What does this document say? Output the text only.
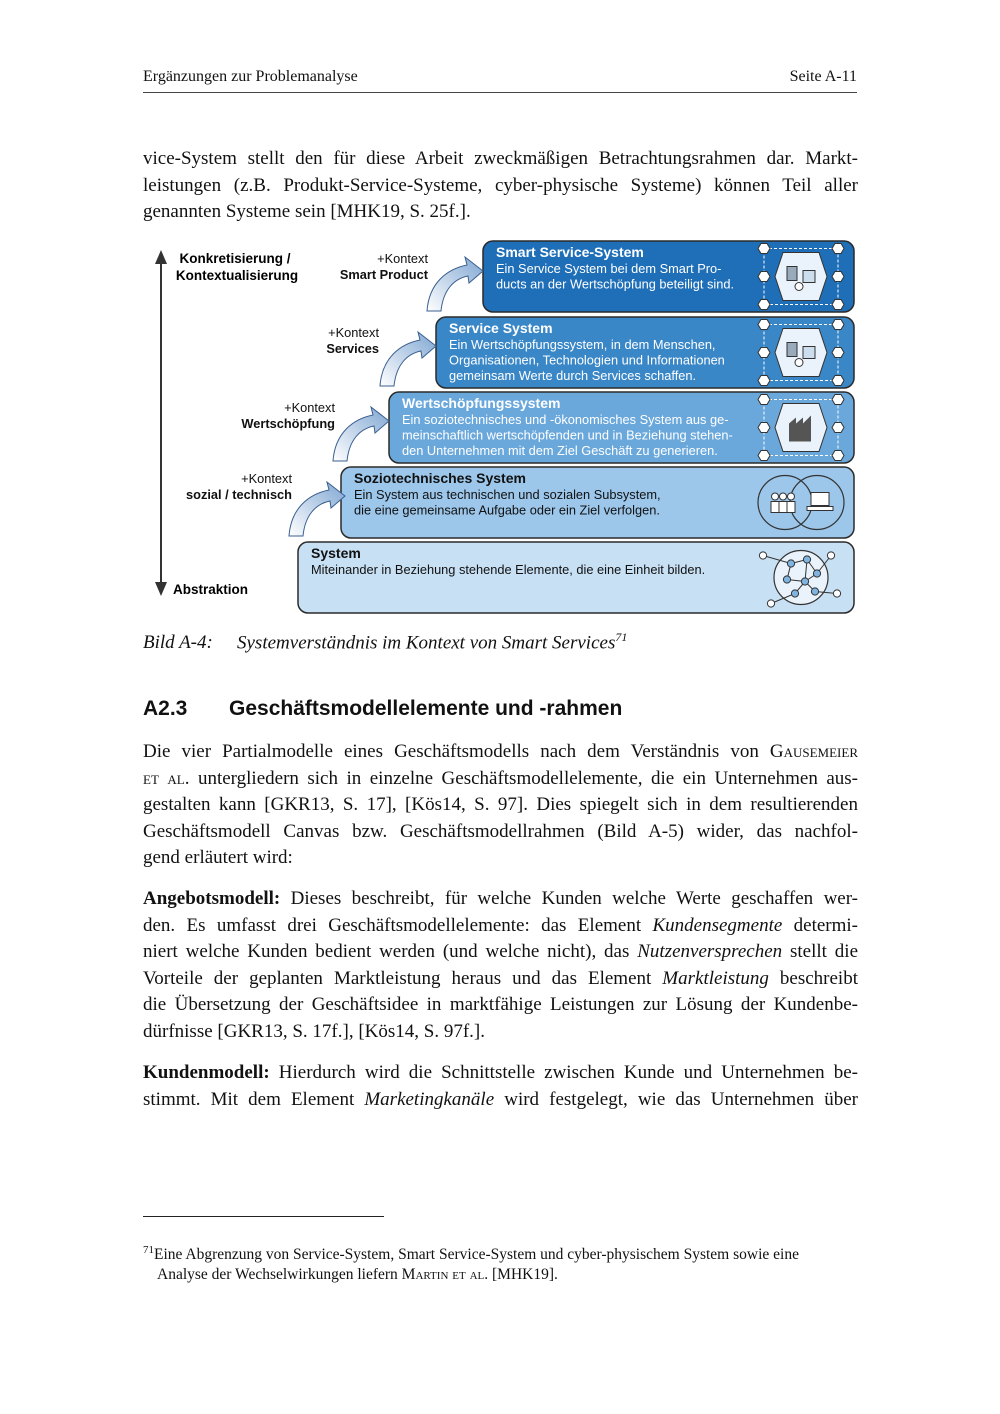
Ergänzungen zur Problemanalyse	Seite A-11
vice-System stellt den für diese Arbeit zweckmäßigen Betrachtungsrahmen dar. Markt-
leistungen (z.B. Produkt-Service-Systeme, cyber-physische Systeme) können Teil aller
genannten Systeme sein [MHK19, S. 25f.].
Konkretisierung /
Kontextualisierung
Abstraktion
Smart Service-System
Ein Service System bei dem Smart Pro-
ducts an der Wertschöpfung beteiligt sind.
+Kontext
Smart Product
Service System
Ein Wertschöpfungssystem, in dem Menschen,
Organisationen, Technologien und Informationen
gemeinsam Werte durch Services schaffen.
+Kontext
Services
Wertschöpfungssystem
Ein soziotechnisches und -ökonomisches System aus ge-
meinschaftlich wertschöpfenden und in Beziehung stehen-
den Unternehmen mit dem Ziel Geschäft zu generieren.
+Kontext
Wertschöpfung
Soziotechnisches System
Ein System aus technischen und sozialen Subsystem,
die eine gemeinsame Aufgabe oder ein Ziel verfolgen.
+Kontext
sozial / technisch
System
Miteinander in Beziehung stehende Elemente, die eine Einheit bilden.
Bild A-4: Systemverständnis im Kontext von Smart Services$^{71}$
A2.3 Geschäftsmodellelemente und -rahmen
Die vier Partialmodelle eines Geschäftsmodells nach dem Verständnis von Gausemeier
et al. untergliedern sich in einzelne Geschäftsmodellelemente, die ein Unternehmen aus-
gestalten kann [GKR13, S. 17], [Kös14, S. 97]. Dies spiegelt sich in dem resultierenden
Geschäftsmodell Canvas bzw. Geschäftsmodellrahmen (Bild A-5) wider, das nachfol-
gend erläutert wird:
Angebotsmodell: Dieses beschreibt, für welche Kunden welche Werte geschaffen wer-
den. Es umfasst drei Geschäftsmodellelemente: das Element Kundensegmente determi-
niert welche Kunden bedient werden (und welche nicht), das Nutzenversprechen stellt die
Vorteile der geplanten Marktleistung heraus und das Element Marktleistung beschreibt
die Übersetzung der Geschäftsidee in marktfähige Leistungen zur Lösung der Kundenbe-
dürfnisse [GKR13, S. 17f.], [Kös14, S. 97f.].
Kundenmodell: Hierdurch wird die Schnittstelle zwischen Kunde und Unternehmen be-
stimmt. Mit dem Element Marketingkanäle wird festgelegt, wie das Unternehmen über
$^{71}$Eine Abgrenzung von Service-System, Smart Service-System und cyber-physischem System sowie eine
Analyse der Wechselwirkungen liefern Martin et al. [MHK19].
